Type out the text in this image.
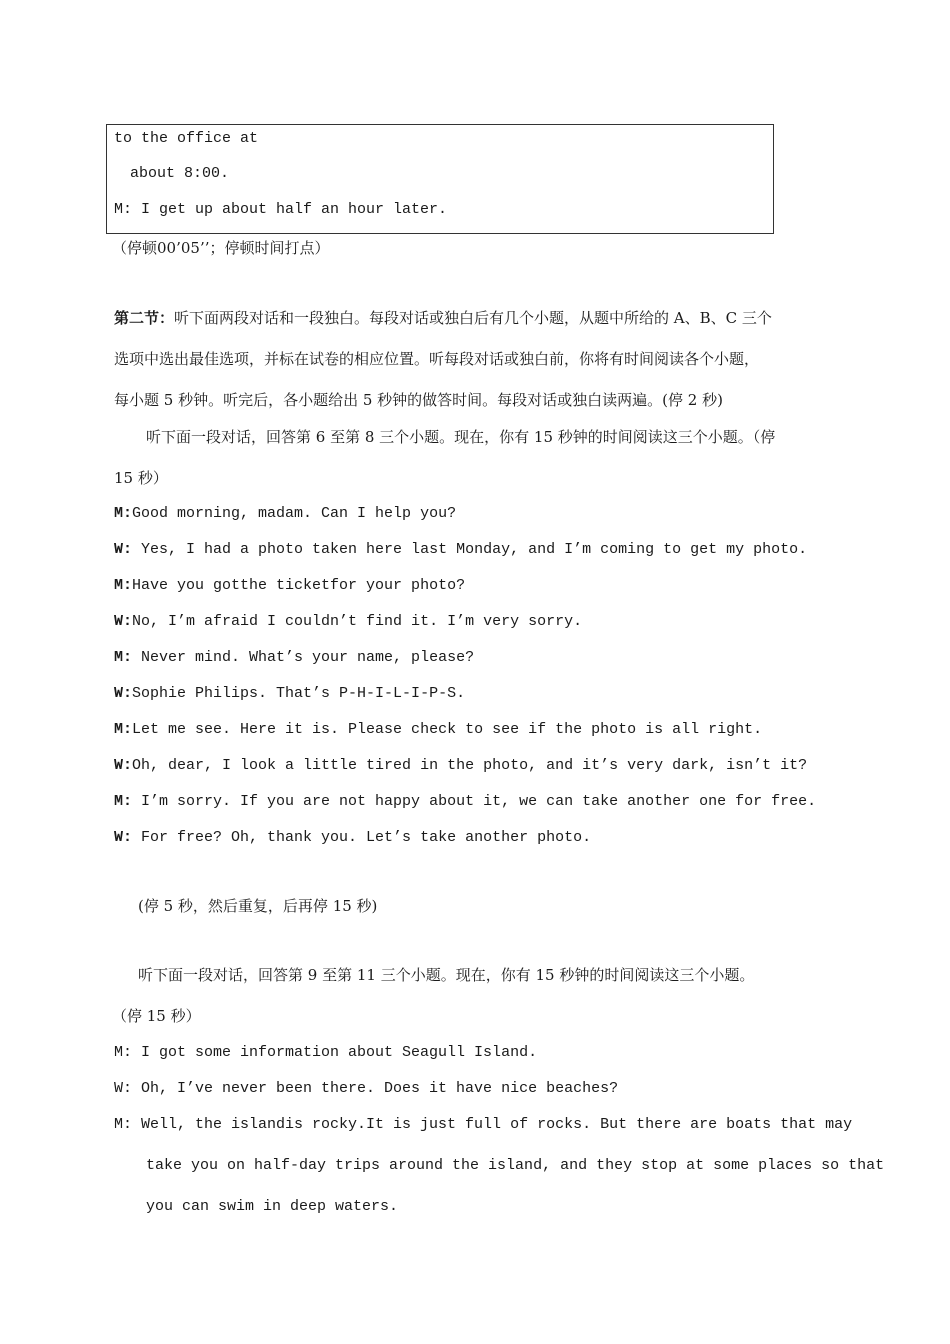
to the office at
about 8:00.
M: I get up about half an hour later.
（停顿00’05’’；停顿时间打点）
第二节：听下面两段对话和一段独白。每段对话或独白后有几个小题，从题中所给的 A、B、C 三个
选项中选出最佳选项，并标在试卷的相应位置。听每段对话或独白前，你将有时间阅读各个小题，
每小题 5 秒钟。听完后，各小题给出 5 秒钟的做答时间。每段对话或独白读两遍。(停 2 秒)
听下面一段对话，回答第 6 至第 8 三个小题。现在，你有 15 秒钟的时间阅读这三个小题。（停
15 秒）
M:Good morning, madam. Can I help you?
W: Yes, I had a photo taken here last Monday, and I’m coming to get my photo.
M:Have you gotthe ticketfor your photo?
W:No, I’m afraid I couldn’t find it. I’m very sorry.
M: Never mind. What’s your name, please?
W:Sophie Philips. That’s P-H-I-L-I-P-S.
M:Let me see. Here it is. Please check to see if the photo is all right.
W:Oh, dear, I look a little tired in the photo, and it’s very dark, isn’t it?
M: I’m sorry. If you are not happy about it, we can take another one for free.
W: For free? Oh, thank you. Let’s take another photo.
(停 5 秒，然后重复，后再停 15 秒)
听下面一段对话，回答第 9 至第 11 三个小题。现在，你有 15 秒钟的时间阅读这三个小题。
（停 15 秒）
M: I got some information about Seagull Island.
W: Oh, I’ve never been there. Does it have nice beaches?
M: Well, the islandis rocky.It is just full of rocks. But there are boats that may
take you on half-day trips around the island, and they stop at some places so that
you can swim in deep waters.
